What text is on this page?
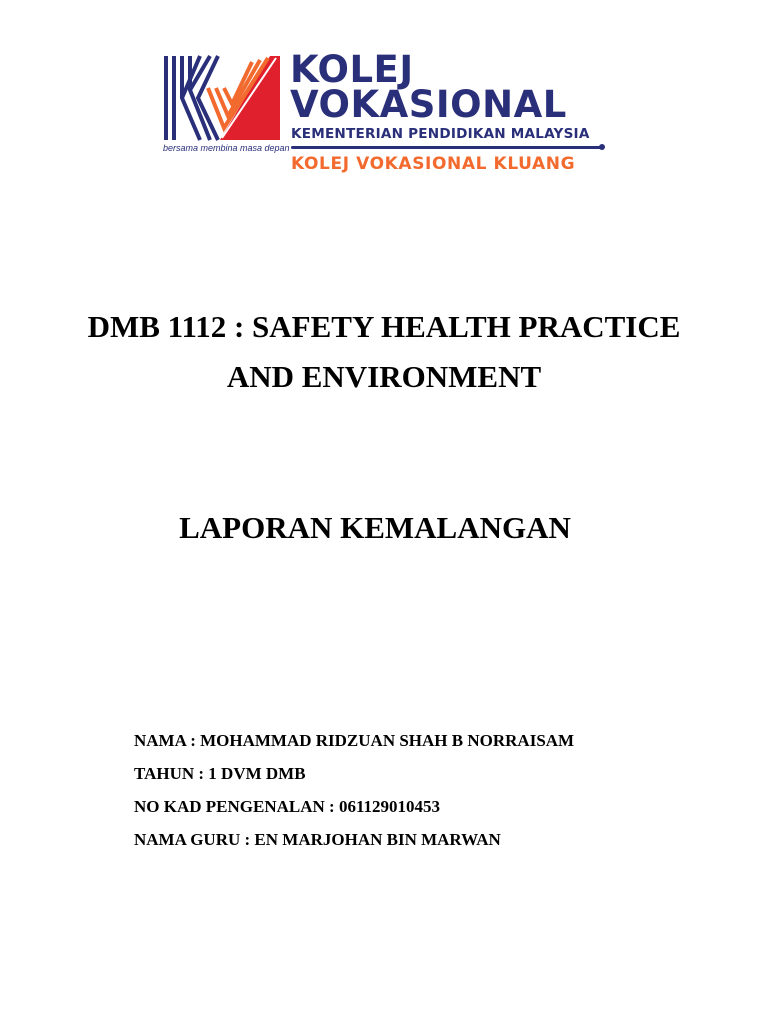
bersama membina masa depan
KOLEJ
VOKASIONAL
KEMENTERIAN PENDIDIKAN MALAYSIA
KOLEJ VOKASIONAL KLUANG
DMB 1112 : SAFETY HEALTH PRACTICE
AND ENVIRONMENT
LAPORAN KEMALANGAN
NAMA : MOHAMMAD RIDZUAN SHAH B NORRAISAM
TAHUN : 1 DVM DMB
NO KAD PENGENALAN : 061129010453
NAMA GURU : EN MARJOHAN BIN MARWAN
